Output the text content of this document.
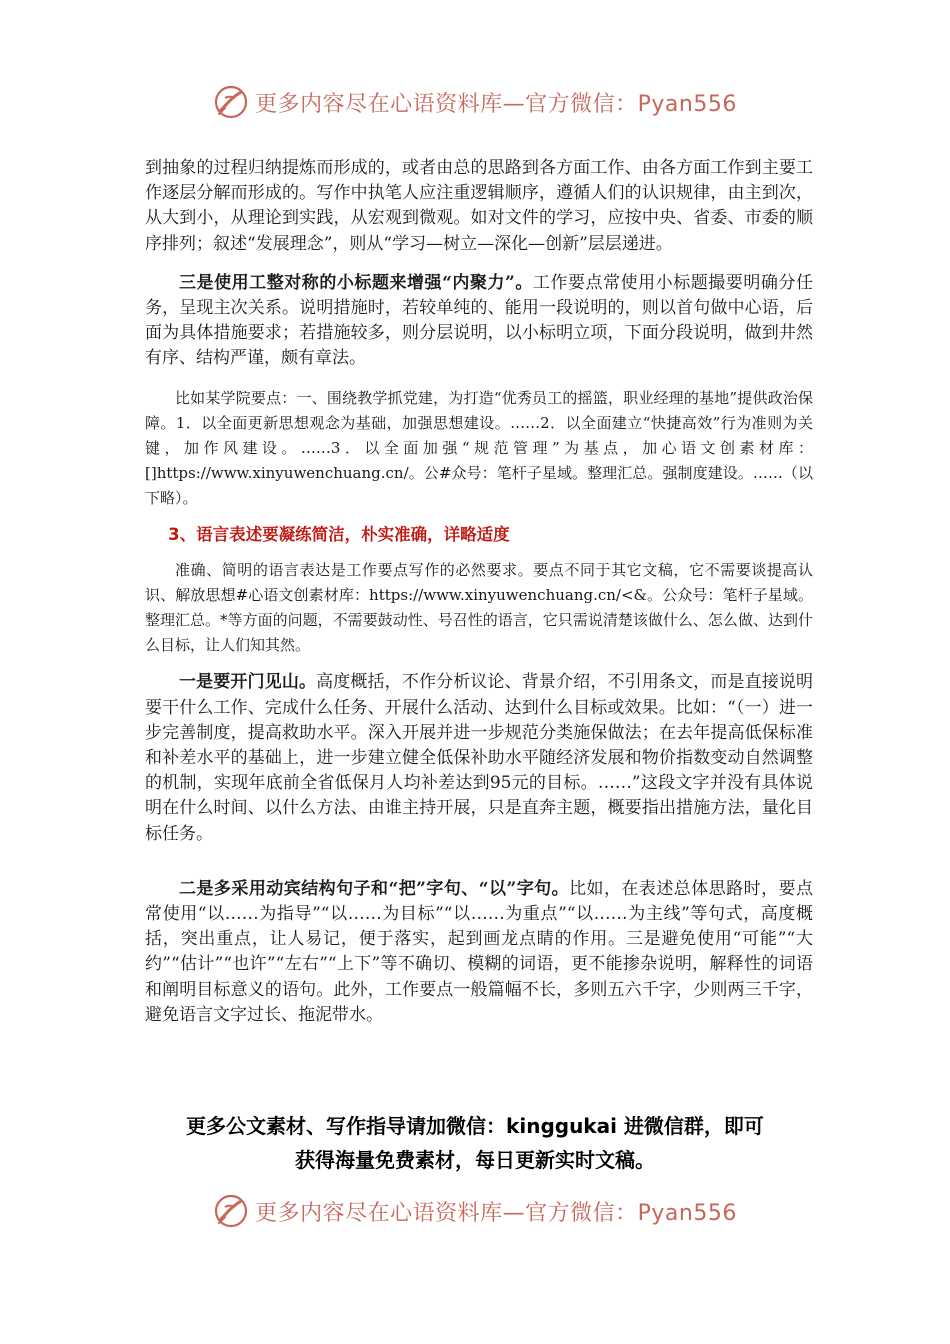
更多内容尽在心语资料库—官方微信：Pyan556

到抽象的过程归纳提炼而形成的，或者由总的思路到各方面工作、由各方面工作到主要工作逐层分解而形成的。写作中执笔人应注重逻辑顺序，遵循人们的认识规律，由主到次，从大到小，从理论到实践，从宏观到微观。如对文件的学习，应按中央、省委、市委的顺序排列；叙述“发展理念”，则从“学习—树立—深化—创新”层层递进。

三是使用工整对称的小标题来增强“内聚力”。工作要点常使用小标题撮要明确分任务，呈现主次关系。说明措施时，若较单纯的、能用一段说明的，则以首句做中心语，后面为具体措施要求；若措施较多，则分层说明，以小标明立项，下面分段说明，做到井然有序、结构严谨，颇有章法。

比如某学院要点：一、围绕教学抓党建，为打造“优秀员工的摇篮，职业经理的基地”提供政治保障。1．以全面更新思想观念为基础，加强思想建设。……2．以全面建立“快捷高效”行为准则为关键，加作风建设。……3．以全面加强“规范管理”为基点，加心语文创素材库：[]https://www.xinyuwenchuang.cn/。公#众号：笔杆子星域。整理汇总。强制度建设。……（以下略）。

3、语言表述要凝练简洁，朴实准确，详略适度

准确、简明的语言表达是工作要点写作的必然要求。要点不同于其它文稿，它不需要谈提高认识、解放思想#心语文创素材库：https://www.xinyuwenchuang.cn/<&。公众号：笔杆子星域。整理汇总。*等方面的问题，不需要鼓动性、号召性的语言，它只需说清楚该做什么、怎么做、达到什么目标，让人们知其然。

一是要开门见山。高度概括，不作分析议论、背景介绍，不引用条文，而是直接说明要干什么工作、完成什么任务、开展什么活动、达到什么目标或效果。比如：“（一）进一步完善制度，提高救助水平。深入开展并进一步规范分类施保做法；在去年提高低保标准和补差水平的基础上，进一步建立健全低保补助水平随经济发展和物价指数变动自然调整的机制，实现年底前全省低保月人均补差达到95元的目标。……”这段文字并没有具体说明在什么时间、以什么方法、由谁主持开展，只是直奔主题，概要指出措施方法，量化目标任务。

二是多采用动宾结构句子和“把”字句、“以”字句。比如，在表述总体思路时，要点常使用“以……为指导”“以……为目标”“以……为重点”“以……为主线”等句式，高度概括，突出重点，让人易记，便于落实，起到画龙点睛的作用。三是避免使用“可能”“大约”“估计”“也许”“左右”“上下”等不确切、模糊的词语，更不能掺杂说明，解释性的词语和阐明目标意义的语句。此外，工作要点一般篇幅不长，多则五六千字，少则两三千字，避免语言文字过长、拖泥带水。

更多公文素材、写作指导请加微信：kinggukai 进微信群，即可
获得海量免费素材，每日更新实时文稿。
更多内容尽在心语资料库—官方微信：Pyan556
